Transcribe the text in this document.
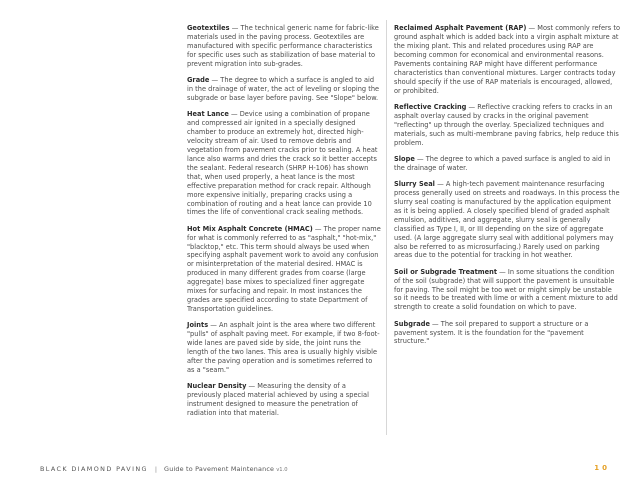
Geotextiles — The technical generic name for fabric-like materials used in the paving process. Geotextiles are manufactured with specific performance characteristics for specific uses such as stabilization of base material to prevent migration into sub-grades.

Grade — The degree to which a surface is angled to aid in the drainage of water, the act of leveling or sloping the subgrade or base layer before paving. See "Slope" below.

Heat Lance — Device using a combination of propane and compressed air ignited in a specially designed chamber to produce an extremely hot, directed high-velocity stream of air. Used to remove debris and vegetation from pavement cracks prior to sealing. A heat lance also warms and dries the crack so it better accepts the sealant. Federal research (SHRP H-106) has shown that, when used properly, a heat lance is the most effective preparation method for crack repair. Although more expensive initially, preparing cracks using a combination of routing and a heat lance can provide 10 times the life of conventional crack sealing methods.

Hot Mix Asphalt Concrete (HMAC) — The proper name for what is commonly referred to as "asphalt," "hot-mix," "blacktop," etc. This term should always be used when specifying asphalt pavement work to avoid any confusion or misinterpretation of the material desired. HMAC is produced in many different grades from coarse (large aggregate) base mixes to specialized finer aggregate mixes for surfacing and repair. In most instances the grades are specified according to state Department of Transportation guidelines.

Joints — An asphalt joint is the area where two different "pulls" of asphalt paving meet. For example, if two 8-foot-wide lanes are paved side by side, the joint runs the length of the two lanes. This area is usually highly visible after the paving operation and is sometimes referred to as a "seam."

Nuclear Density — Measuring the density of a previously placed material achieved by using a special instrument designed to measure the penetration of radiation into that material.

Reclaimed Asphalt Pavement (RAP) — Most commonly refers to ground asphalt which is added back into a virgin asphalt mixture at the mixing plant. This and related procedures using RAP are becoming common for economical and environmental reasons. Pavements containing RAP might have different performance characteristics than conventional mixtures. Larger contracts today should specify if the use of RAP materials is encouraged, allowed, or prohibited.

Reflective Cracking — Reflective cracking refers to cracks in an asphalt overlay caused by cracks in the original pavement "reflecting" up through the overlay. Specialized techniques and materials, such as multi-membrane paving fabrics, help reduce this problem.

Slope — The degree to which a paved surface is angled to aid in the drainage of water.

Slurry Seal — A high-tech pavement maintenance resurfacing process generally used on streets and roadways. In this process the slurry seal coating is manufactured by the application equipment as it is being applied. A closely specified blend of graded asphalt emulsion, additives, and aggregate, slurry seal is generally classified as Type I, II, or III depending on the size of aggregate used. (A large aggregate slurry seal with additional polymers may also be referred to as microsurfacing.) Rarely used on parking areas due to the potential for tracking in hot weather.

Soil or Subgrade Treatment — In some situations the condition of the soil (subgrade) that will support the pavement is unsuitable for paving. The soil might be too wet or might simply be unstable so it needs to be treated with lime or with a cement mixture to add strength to create a solid foundation on which to pave.

Subgrade — The soil prepared to support a structure or a pavement system. It is the foundation for the "pavement structure."

BLACK DIAMOND PAVING | Guide to Pavement Maintenance v1.0	10
